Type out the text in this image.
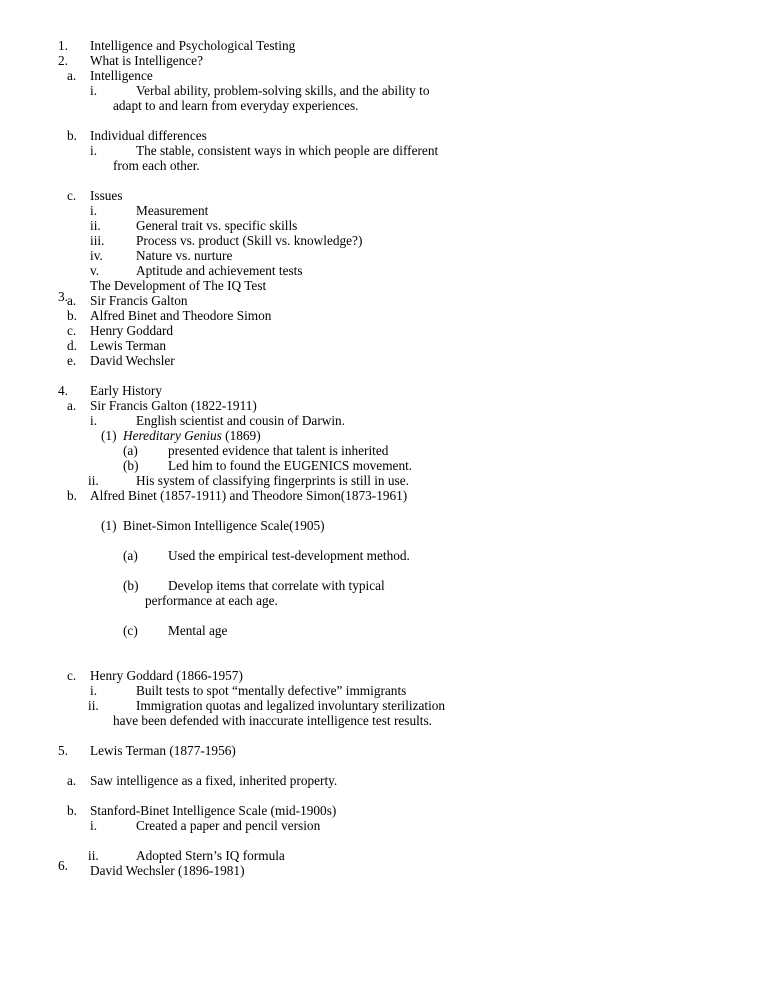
1. Intelligence and Psychological Testing
2. What is Intelligence?
a. Intelligence
i.	Verbal ability, problem-solving skills, and the ability to
adapt to and learn from everyday experiences.
b. Individual differences
i.	The stable, consistent ways in which people are different
from each other.
c. Issues
i.	Measurement
ii.	General trait vs. specific skills
iii. Process vs. product (Skill vs. knowledge?)
iv. Nature vs. nurture
v.	Aptitude and achievement tests
The Development of The IQ Test
3. a. Sir Francis Galton
b. Alfred Binet and Theodore Simon
c. Henry Goddard
d. Lewis Terman
e. David Wechsler
4. Early History
a. Sir Francis Galton (1822-1911)
i.	English scientist and cousin of Darwin.
(1) Hereditary Genius (1869)
(a) presented evidence that talent is inherited
(b) Led him to found the EUGENICS movement.
ii.	His system of classifying fingerprints is still in use.
b. Alfred Binet (1857-1911) and Theodore Simon(1873-1961)
(1) Binet-Simon Intelligence Scale(1905)
(a) Used the empirical test-development method.
(b) Develop items that correlate with typical
performance at each age.
(c) Mental age
c. Henry Goddard (1866-1957)
i.	Built tests to spot “mentally defective” immigrants
ii.	Immigration quotas and legalized involuntary sterilization
have been defended with inaccurate intelligence test results.
5. Lewis Terman (1877-1956)
a. Saw intelligence as a fixed, inherited property.
b. Stanford-Binet Intelligence Scale (mid-1900s)
i.	Created a paper and pencil version
ii.	Adopted Stern’s IQ formula
6. David Wechsler (1896-1981)
